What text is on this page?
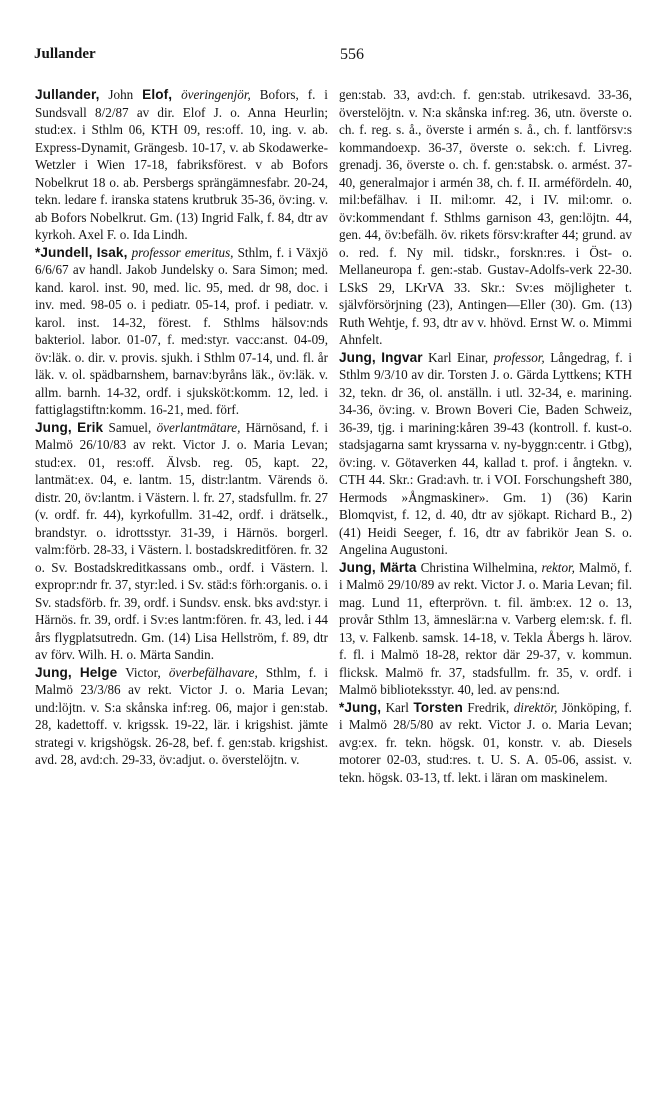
Jullander	556

Jullander, John Elof, överingenjör, Bofors, f. i Sundsvall 8/2/87 av dir. Elof J. o. Anna Heurlin; stud:ex. i Sthlm 06, KTH 09, res:off. 10, ing. v. ab. Express-Dynamit, Grängesb. 10-17, v. ab Skodawerke-Wetzler i Wien 17-18, fabriksförest. v ab Bofors Nobelkrut 18 o. ab. Persbergs sprängämnesfabr. 20-24, tekn. ledare f. iranska statens krutbruk 35-36, öv:ing. v. ab Bofors Nobelkrut. Gm. (13) Ingrid Falk, f. 84, dtr av kyrkoh. Axel F. o. Ida Lindh.

*Jundell, Isak, professor emeritus, Sthlm, f. i Växjö 6/6/67 av handl. Jakob Jundelsky o. Sara Simon; med. kand. karol. inst. 90, med. lic. 95, med. dr 98, doc. i inv. med. 98-05 o. i pediatr. 05-14, prof. i pediatr. v. karol. inst. 14-32, förest. f. Sthlms hälsov:nds bakteriol. labor. 01-07, f. med:styr. vacc:anst. 04-09, öv:läk. o. dir. v. provis. sjukh. i Sthlm 07-14, und. fl. år läk. v. ol. spädbarnshem, barnav:byråns läk., öv:läk. v. allm. barnh. 14-32, ordf. i sjuksköt:komm. 12, led. i fattiglagstiftn:komm. 16-21, med. förf.

Jung, Erik Samuel, överlantmätare, Härnösand, f. i Malmö 26/10/83 av rekt. Victor J. o. Maria Levan; stud:ex. 01, res:off. Älvsb. reg. 05, kapt. 22, lantmät:ex. 04, e. lantm. 15, distr:lantm. Värends ö. distr. 20, öv:lantm. i Västern. l. fr. 27, stadsfullm. fr. 27 (v. ordf. fr. 44), kyrkofullm. 31-42, ordf. i drätselk., brandstyr. o. idrottsstyr. 31-39, i Härnös. borgerl. valm:förb. 28-33, i Västern. l. bostadskreditfören. fr. 32 o. Sv. Bostadskreditkassans omb., ordf. i Västern. l. expropr:ndr fr. 37, styr:led. i Sv. städ:s förh:organis. o. i Sv. stadsförb. fr. 39, ordf. i Sundsv. ensk. bks avd:styr. i Härnös. fr. 39, ordf. i Sv:es lantm:fören. fr. 43, led. i 44 års flygplatsutredn. Gm. (14) Lisa Hellström, f. 89, dtr av förv. Wilh. H. o. Märta Sandin.

Jung, Helge Victor, överbefälhavare, Sthlm, f. i Malmö 23/3/86 av rekt. Victor J. o. Maria Levan; und:löjtn. v. S:a skånska inf:reg. 06, major i gen:stab. 28, kadettoff. v. krigssk. 19-22, lär. i krigshist. jämte strategi v. krigshögsk. 26-28, bef. f. gen:stab. krigshist. avd. 28, avd:ch. 29-33, öv:adjut. o. överstelöjtn. v.

gen:stab. 33, avd:ch. f. gen:stab. utrikesavd. 33-36, överstelöjtn. v. N:a skånska inf:reg. 36, utn. överste o. ch. f. reg. s. å., överste i armén s. å., ch. f. lantförsv:s kommandoexp. 36-37, överste o. sek:ch. f. Livreg. grenadj. 36, överste o. ch. f. gen:stabsk. o. armést. 37-40, generalmajor i armén 38, ch. f. II. arméfördeln. 40, mil:befälhav. i II. mil:omr. 42, i IV. mil:omr. o. öv:kommendant f. Sthlms garnison 43, gen:löjtn. 44, gen. 44, öv:befälh. öv. rikets försv:krafter 44; grund. av o. red. f. Ny mil. tidskr., forskn:res. i Öst- o. Mellaneuropa f. gen:-stab. Gustav-Adolfs-verk 22-30. LSkS 29, LKrVA 33. Skr.: Sv:es möjligheter t. självförsörjning (23), Antingen—Eller (30). Gm. (13) Ruth Wehtje, f. 93, dtr av v. hhövd. Ernst W. o. Mimmi Ahnfelt.

Jung, Ingvar Karl Einar, professor, Långedrag, f. i Sthlm 9/3/10 av dir. Torsten J. o. Gärda Lyttkens; KTH 32, tekn. dr 36, ol. anställn. i utl. 32-34, e. marining. 34-36, öv:ing. v. Brown Boveri Cie, Baden Schweiz, 36-39, tjg. i marining:kåren 39-43 (kontroll. f. kust-o. stadsjagarna samt kryssarna v. ny-byggn:centr. i Gtbg), öv:ing. v. Götaverken 44, kallad t. prof. i ångtekn. v. CTH 44. Skr.: Grad:avh. tr. i VOI. Forschungsheft 380, Hermods »Ångmaskiner». Gm. 1) (36) Karin Blomqvist, f. 12, d. 40, dtr av sjökapt. Richard B., 2) (41) Heidi Seeger, f. 16, dtr av fabrikör Jean S. o. Angelina Augustoni.

Jung, Märta Christina Wilhelmina, rektor, Malmö, f. i Malmö 29/10/89 av rekt. Victor J. o. Maria Levan; fil. mag. Lund 11, efterprövn. t. fil. ämb:ex. 12 o. 13, provår Sthlm 13, ämneslär:na v. Varberg elem:sk. f. fl. 13, v. Falkenb. samsk. 14-18, v. Tekla Åbergs h. lärov. f. fl. i Malmö 18-28, rektor där 29-37, v. kommun. flicksk. Malmö fr. 37, stadsfullm. fr. 35, v. ordf. i Malmö biblioteksstyr. 40, led. av pens:nd.

*Jung, Karl Torsten Fredrik, direktör, Jönköping, f. i Malmö 28/5/80 av rekt. Victor J. o. Maria Levan; avg:ex. fr. tekn. högsk. 01, konstr. v. ab. Diesels motorer 02-03, stud:res. t. U. S. A. 05-06, assist. v. tekn. högsk. 03-13, tf. lekt. i läran om maskinelem.
